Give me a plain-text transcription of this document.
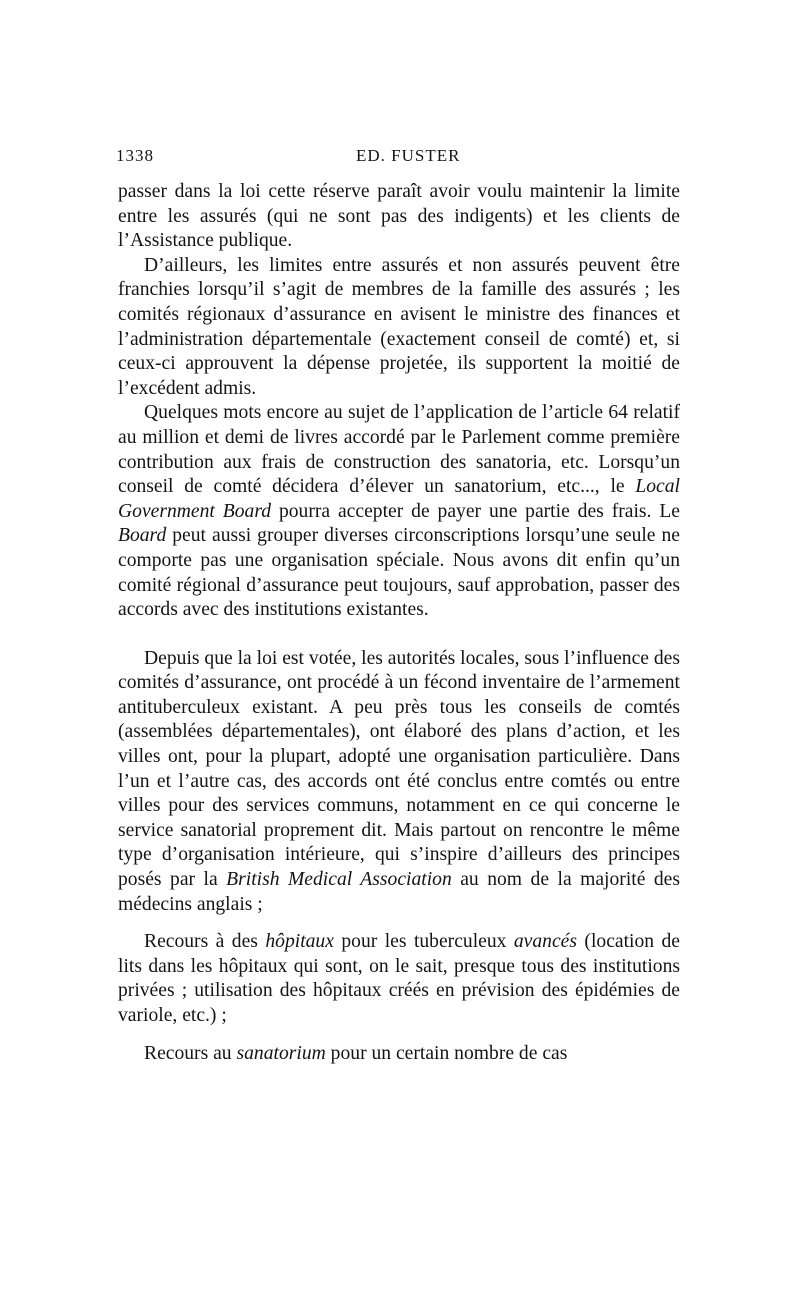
1338	ED. FUSTER

passer dans la loi cette réserve paraît avoir voulu maintenir la limite entre les assurés (qui ne sont pas des indigents) et les clients de l’Assistance publique.

D’ailleurs, les limites entre assurés et non assurés peuvent être franchies lorsqu’il s’agit de membres de la famille des assurés ; les comités régionaux d’assurance en avisent le ministre des finances et l’administration départementale (exactement conseil de comté) et, si ceux-ci approuvent la dépense projetée, ils supportent la moitié de l’excédent admis.

Quelques mots encore au sujet de l’application de l’article 64 relatif au million et demi de livres accordé par le Parlement comme première contribution aux frais de construction des sanatoria, etc. Lorsqu’un conseil de comté décidera d’élever un sanatorium, etc..., le Local Government Board pourra accepter de payer une partie des frais. Le Board peut aussi grouper diverses circonscriptions lorsqu’une seule ne comporte pas une organisation spéciale. Nous avons dit enfin qu’un comité régional d’assurance peut toujours, sauf approbation, passer des accords avec des institutions existantes.

Depuis que la loi est votée, les autorités locales, sous l’influence des comités d’assurance, ont procédé à un fécond inventaire de l’armement antituberculeux existant. A peu près tous les conseils de comtés (assemblées départementales), ont élaboré des plans d’action, et les villes ont, pour la plupart, adopté une organisation particulière. Dans l’un et l’autre cas, des accords ont été conclus entre comtés ou entre villes pour des services communs, notamment en ce qui concerne le service sanatorial proprement dit. Mais partout on rencontre le même type d’organisation intérieure, qui s’inspire d’ailleurs des principes posés par la British Medical Association au nom de la majorité des médecins anglais ;

Recours à des hôpitaux pour les tuberculeux avancés (location de lits dans les hôpitaux qui sont, on le sait, presque tous des institutions privées ; utilisation des hôpitaux créés en prévision des épidémies de variole, etc.) ;

Recours au sanatorium pour un certain nombre de cas
